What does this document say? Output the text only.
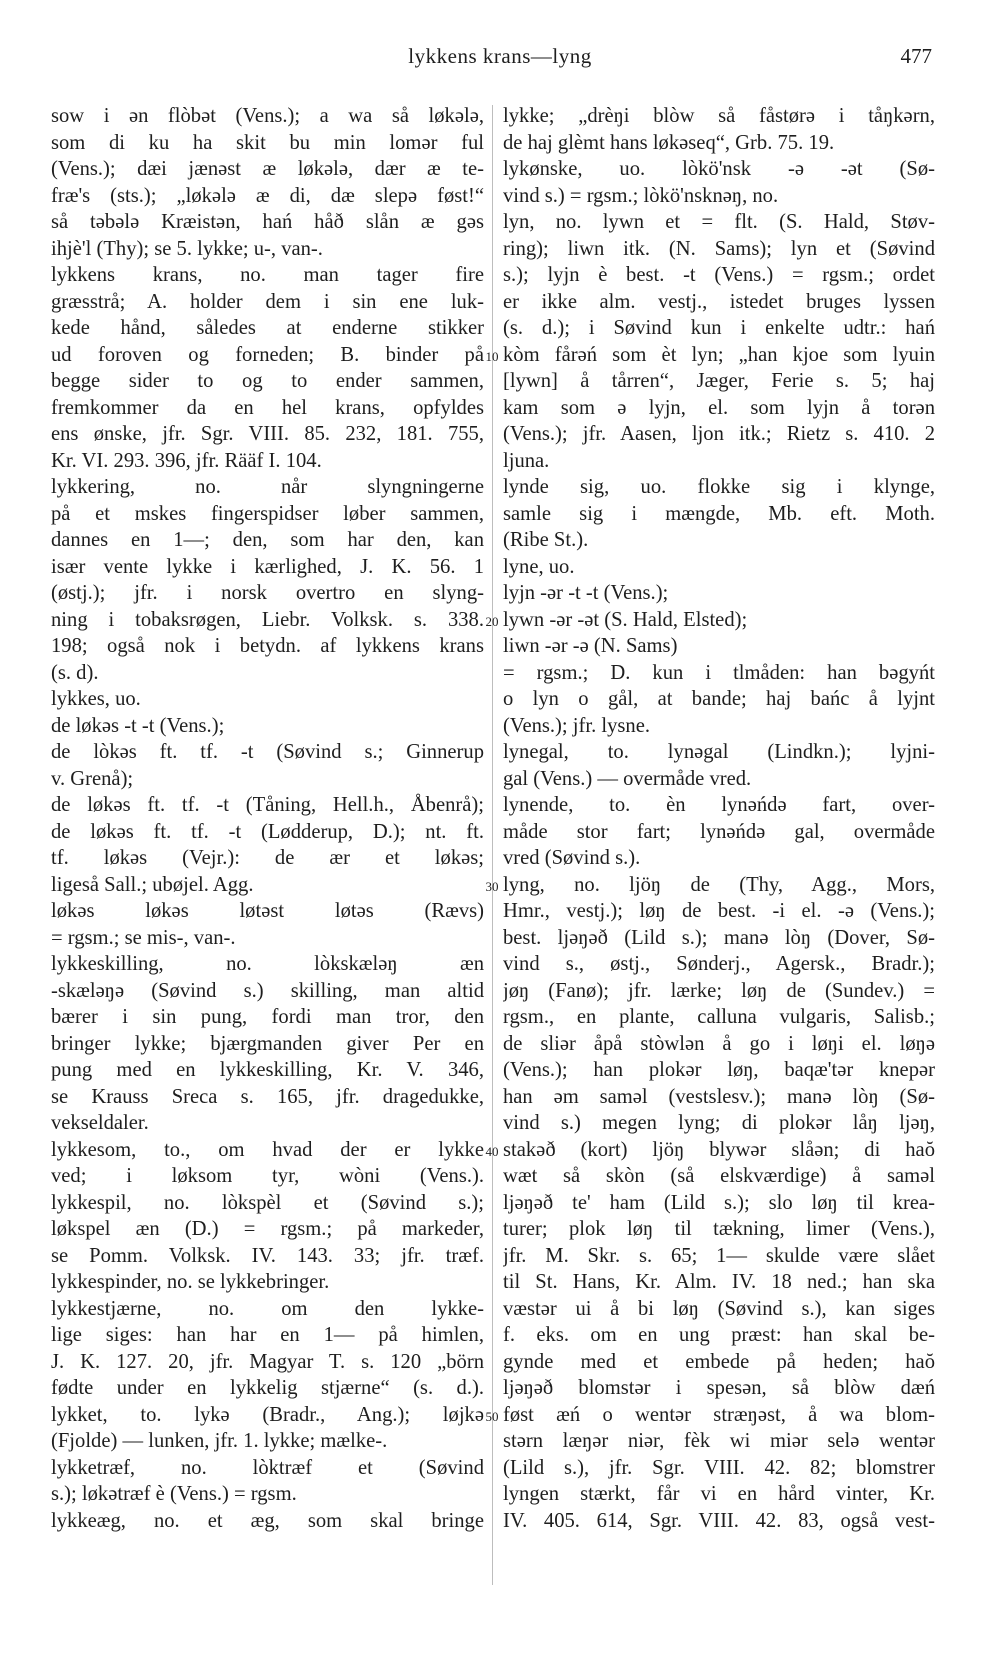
lykkens krans—lyng	477
10
20
30
40
50
sow i ən flòbət (Vens.); a wa så løkələ,
som di ku ha skit bu min lomər ful
(Vens.); dæi jænəst æ løkələ, dær æ te-
fræ's (sts.); „løkələ æ di, dæ slepə føst!“
så təbələ Kræistən, hań håð slån æ gəs
ihjè'l (Thy); se 5. lykke; u-, van-.
lykkens krans, no. man tager fire
græsstrå; A. holder dem i sin ene luk-
kede hånd, således at enderne stikker
ud foroven og forneden; B. binder på
begge sider to og to ender sammen,
fremkommer da en hel krans, opfyldes
ens ønske, jfr. Sgr. VIII. 85. 232, 181. 755,
Kr. VI. 293. 396, jfr. Rääf I. 104.
lykkering, no. når slyngningerne
på et mskes fingerspidser løber sammen,
dannes en 1—; den, som har den, kan
især vente lykke i kærlighed, J. K. 56. 1
(østj.); jfr. i norsk overtro en slyng-
ning i tobaksrøgen, Liebr. Volksk. s. 338.
198; også nok i betydn. af lykkens krans
(s. d).
lykkes, uo.
de løkəs -t -t (Vens.);
de lòkəs ft. tf. -t (Søvind s.; Ginnerup
v. Grenå);
de løkəs ft. tf. -t (Tåning, Hell.h., Åbenrå);
de løkəs ft. tf. -t (Lødderup, D.); nt. ft.
tf. løkəs (Vejr.): de ær et løkəs;
ligeså Sall.; ubøjel. Agg.
løkəs løkəs løtəst løtəs (Rævs)
= rgsm.; se mis-, van-.
lykkeskilling, no. lòkskæləŋ æn
-skæləŋə (Søvind s.) skilling, man altid
bærer i sin pung, fordi man tror, den
bringer lykke; bjærgmanden giver Per en
pung med en lykkeskilling, Kr. V. 346,
se Krauss Sreca s. 165, jfr. dragedukke,
vekseldaler.
lykkesom, to., om hvad der er lykke
ved; i løksom tyr, wòni (Vens.).
lykkespil, no. lòkspèl et (Søvind s.);
løkspel æn (D.) = rgsm.; på markeder,
se Pomm. Volksk. IV. 143. 33; jfr. træf.
lykkespinder, no. se lykkebringer.
lykkestjærne, no. om den lykke-
lige siges: han har en 1— på himlen,
J. K. 127. 20, jfr. Magyar T. s. 120 „börn
fødte under en lykkelig stjærne“ (s. d.).
lykket, to. lykə (Bradr., Ang.); løjkə
(Fjolde) — lunken, jfr. 1. lykke; mælke-.
lykketræf, no. lòktræf et (Søvind
s.); løkətræf è (Vens.) = rgsm.
lykkeæg, no. et æg, som skal bringe
lykke; „drèŋi blòw så fåstørə i tåŋkərn,
de haj glèmt hans løkəseq“, Grb. 75. 19.
lykønske, uo. lòkö'nsk -ə -ət (Sø-
vind s.) = rgsm.; lòkö'nsknəŋ, no.
lyn, no. lywn et = flt. (S. Hald, Støv-
ring); liwn itk. (N. Sams); lyn et (Søvind
s.); lyjn è best. -t (Vens.) = rgsm.; ordet
er ikke alm. vestj., istedet bruges lyssen
(s. d.); i Søvind kun i enkelte udtr.: hań
kòm fårəń som èt lyn; „han kjoe som lyuin
[lywn] å tårren“, Jæger, Ferie s. 5; haj
kam som ə lyjn, el. som lyjn å torən
(Vens.); jfr. Aasen, ljon itk.; Rietz s. 410. 2
ljuna.
lynde sig, uo. flokke sig i klynge,
samle sig i mængde, Mb. eft. Moth.
(Ribe St.).
lyne, uo.
lyjn -ər -t -t (Vens.);
lywn -ər -ət (S. Hald, Elsted);
liwn -ər -ə (N. Sams)
= rgsm.; D. kun i tlmåden: han bəgyńt
o lyn o gål, at bande; haj bańc å lyjnt
(Vens.); jfr. lysne.
lynegal, to. lynəgal (Lindkn.); lyjni-
gal (Vens.) — overmåde vred.
lynende, to. èn lynəńdə fart, over-
måde stor fart; lynəńdə gal, overmåde
vred (Søvind s.).
lyng, no. ljöŋ de (Thy, Agg., Mors,
Hmr., vestj.); løŋ de best. -i el. -ə (Vens.);
best. ljəŋəð (Lild s.); manə lòŋ (Dover, Sø-
vind s., østj., Sønderj., Agersk., Bradr.);
jøŋ (Fanø); jfr. lærke; løŋ de (Sundev.) =
rgsm., en plante, calluna vulgaris, Salisb.;
de sliər åpå stòwlən å go i løŋi el. løŋə
(Vens.); han plokər løŋ, baqæ'tər knepər
han əm saməl (vestslesv.); manə lòŋ (Sø-
vind s.) megen lyng; di plokər låŋ ljəŋ,
stakəð (kort) ljöŋ blywər slåən; di haŏ
wæt så skòn (så elskværdige) å saməl
ljəŋəð te' ham (Lild s.); slo løŋ til krea-
turer; plok løŋ til tækning, limer (Vens.),
jfr. M. Skr. s. 65; 1— skulde være slået
til St. Hans, Kr. Alm. IV. 18 ned.; han ska
væstər ui å bi løŋ (Søvind s.), kan siges
f. eks. om en ung præst: han skal be-
gynde med et embede på heden; haŏ
ljəŋəð blomstər i spesən, så blòw dæń
føst æń o wentər stræŋəst, å wa blom-
stərn læŋər niər, fèk wi miər selə wentər
(Lild s.), jfr. Sgr. VIII. 42. 82; blomstrer
lyngen stærkt, får vi en hård vinter, Kr.
IV. 405. 614, Sgr. VIII. 42. 83, også vest-
